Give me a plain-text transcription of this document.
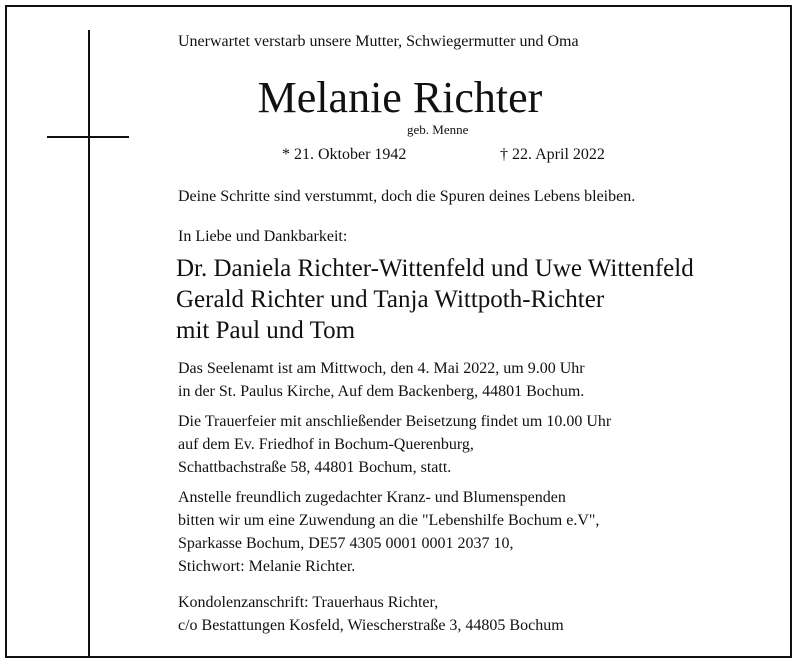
Unerwartet verstarb unsere Mutter, Schwiegermutter und Oma

Melanie Richter

geb. Menne

* 21. Oktober 1942	† 22. April 2022

Deine Schritte sind verstummt, doch die Spuren deines Lebens bleiben.

In Liebe und Dankbarkeit:

Dr. Daniela Richter-Wittenfeld und Uwe Wittenfeld

Gerald Richter und Tanja Wittpoth-Richter

mit Paul und Tom

Das Seelenamt ist am Mittwoch, den 4. Mai 2022, um 9.00 Uhr

in der St. Paulus Kirche, Auf dem Backenberg, 44801 Bochum.

Die Trauerfeier mit anschließender Beisetzung findet um 10.00 Uhr

auf dem Ev. Friedhof in Bochum-Querenburg,

Schattbachstraße 58, 44801 Bochum, statt.

Anstelle freundlich zugedachter Kranz- und Blumenspenden

bitten wir um eine Zuwendung an die "Lebenshilfe Bochum e.V",

Sparkasse Bochum, DE57 4305 0001 0001 2037 10,

Stichwort: Melanie Richter.

Kondolenzanschrift: Trauerhaus Richter,

c/o Bestattungen Kosfeld, Wiescherstraße 3, 44805 Bochum
